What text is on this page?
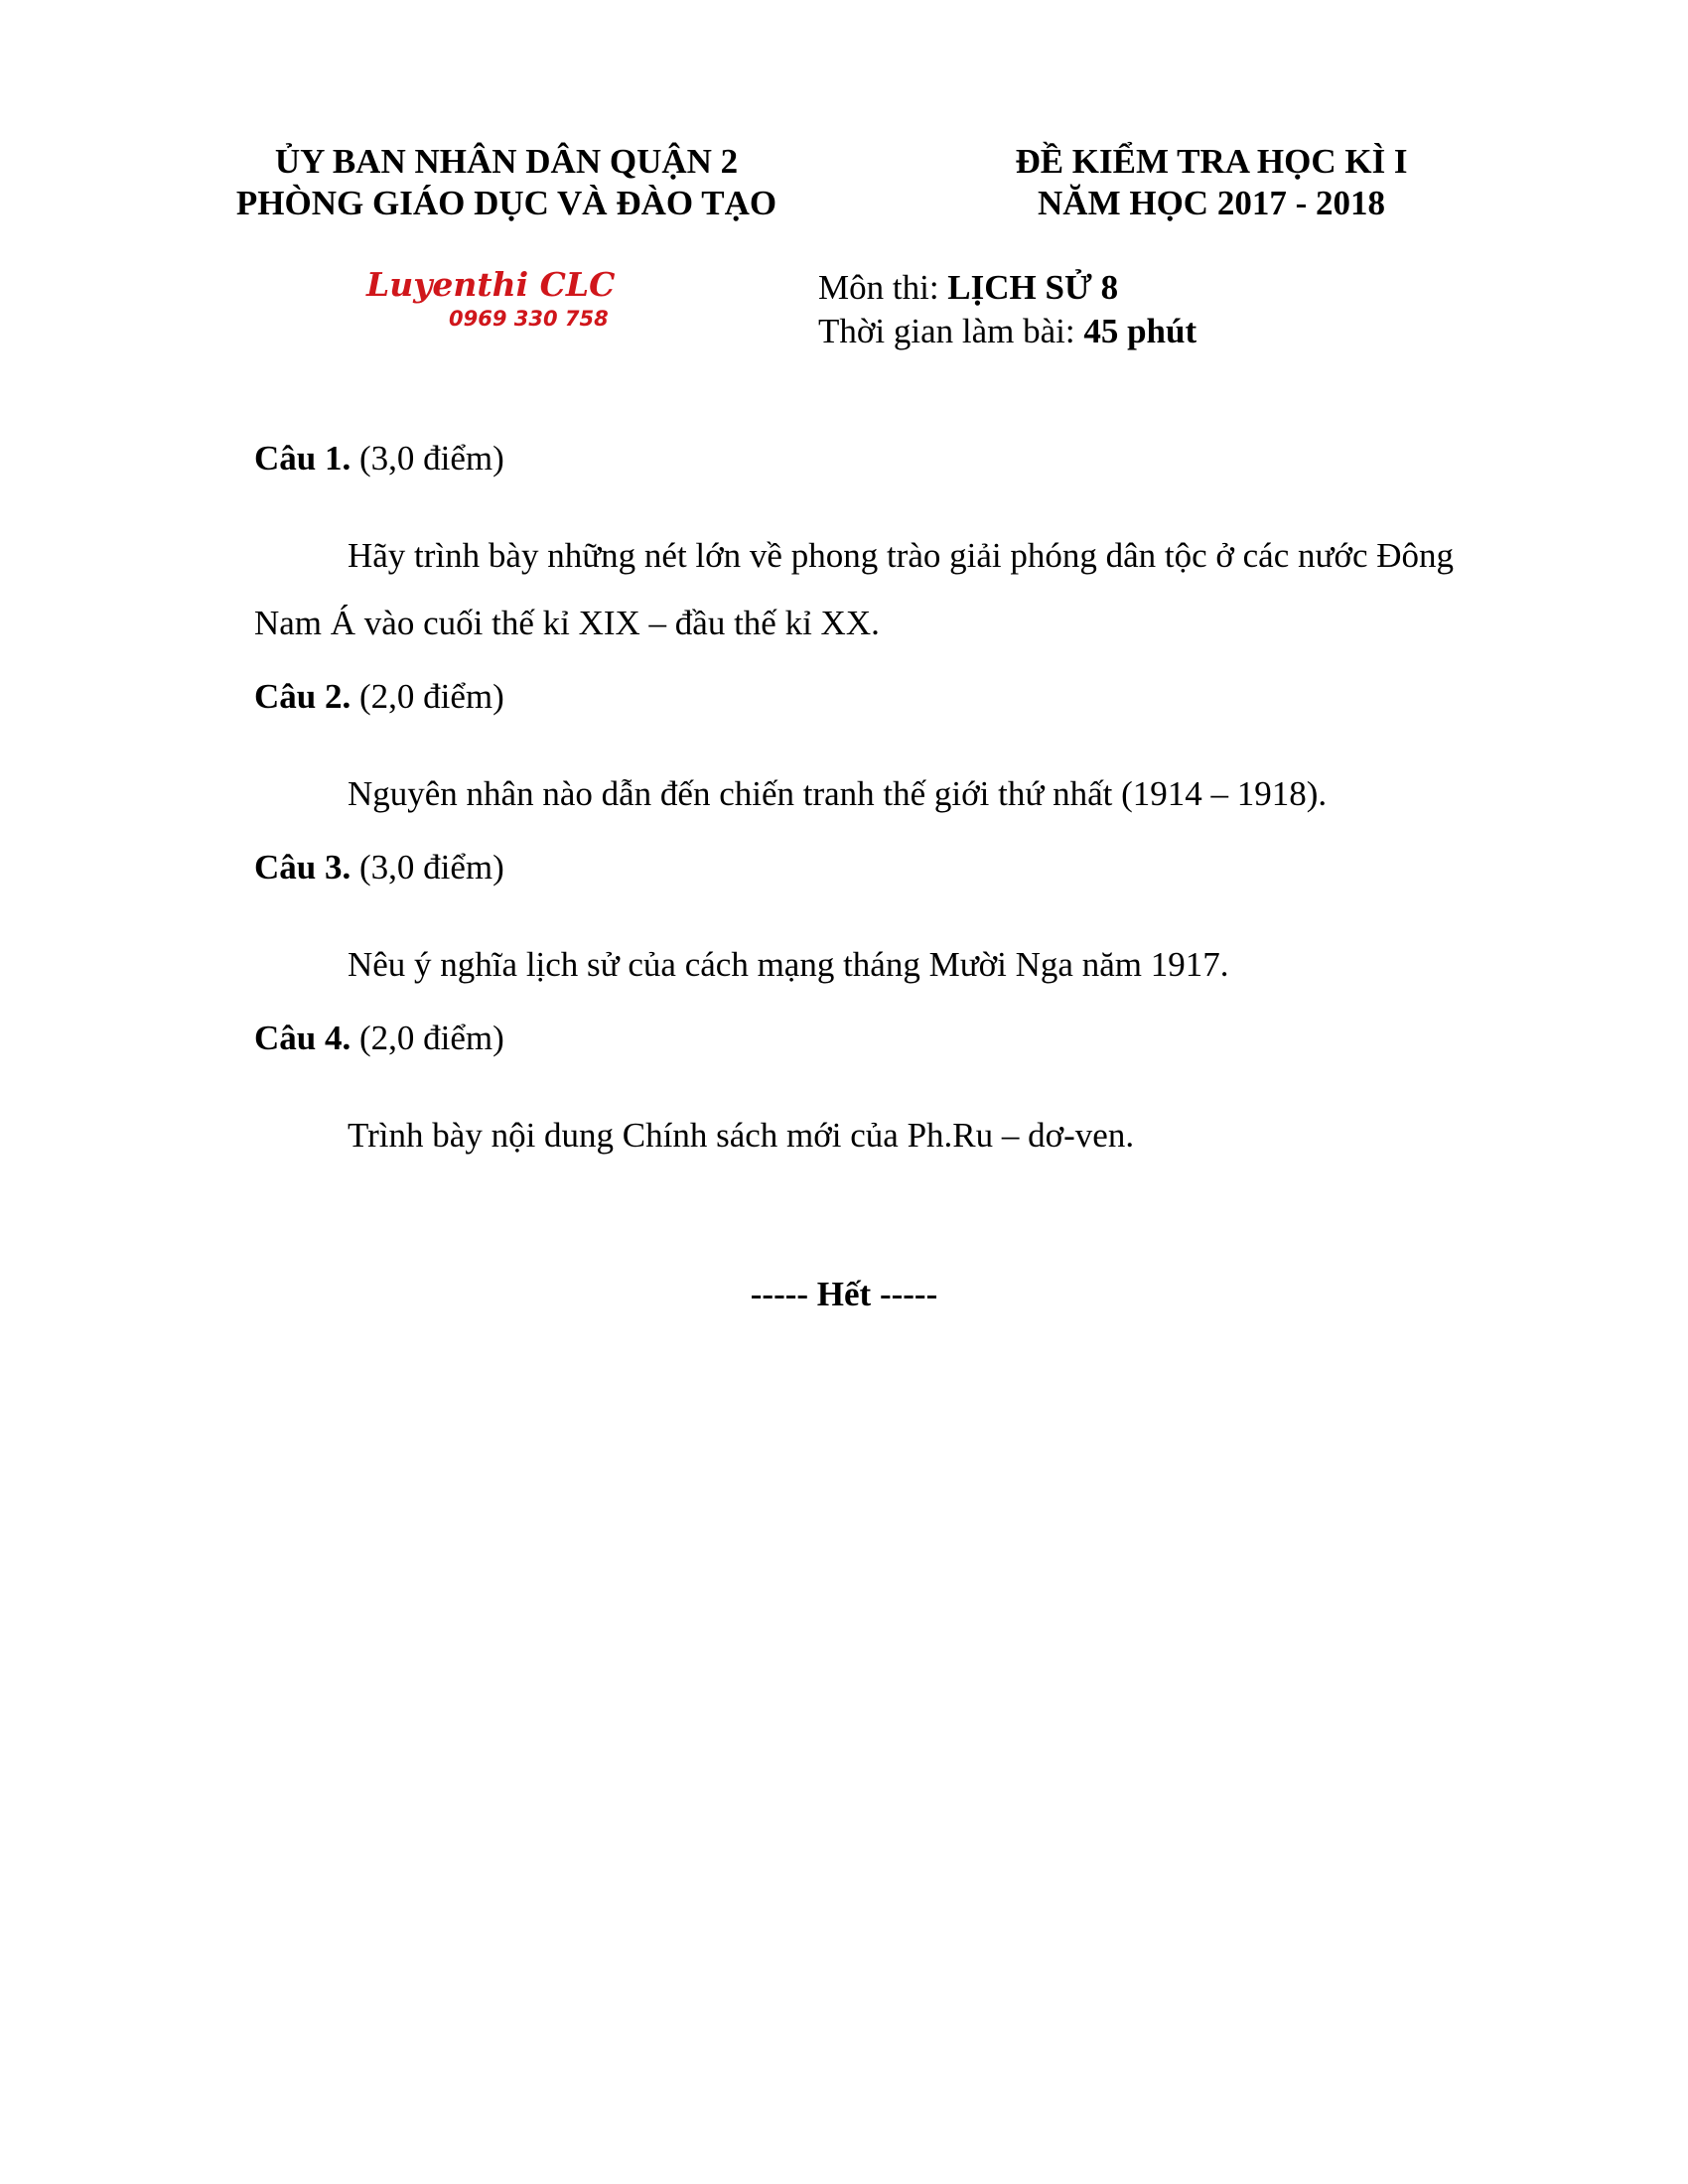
ỦY BAN NHÂN DÂN QUẬN 2
PHÒNG GIÁO DỤC VÀ ĐÀO TẠO
ĐỀ KIỂM TRA HỌC KÌ I
NĂM HỌC 2017 - 2018
Luyenthi CLC
0969 330 758
Môn thi: LỊCH SỬ 8
Thời gian làm bài: 45 phút

Câu 1. (3,0 điểm)

Hãy trình bày những nét lớn về phong trào giải phóng dân tộc ở các nước Đông Nam Á vào cuối thế kỉ XIX – đầu thế kỉ XX.

Câu 2. (2,0 điểm)

Nguyên nhân nào dẫn đến chiến tranh thế giới thứ nhất (1914 – 1918).

Câu 3. (3,0 điểm)

Nêu ý nghĩa lịch sử của cách mạng tháng Mười Nga năm 1917.

Câu 4. (2,0 điểm)

Trình bày nội dung Chính sách mới của Ph.Ru – dơ-ven.

----- Hết -----
